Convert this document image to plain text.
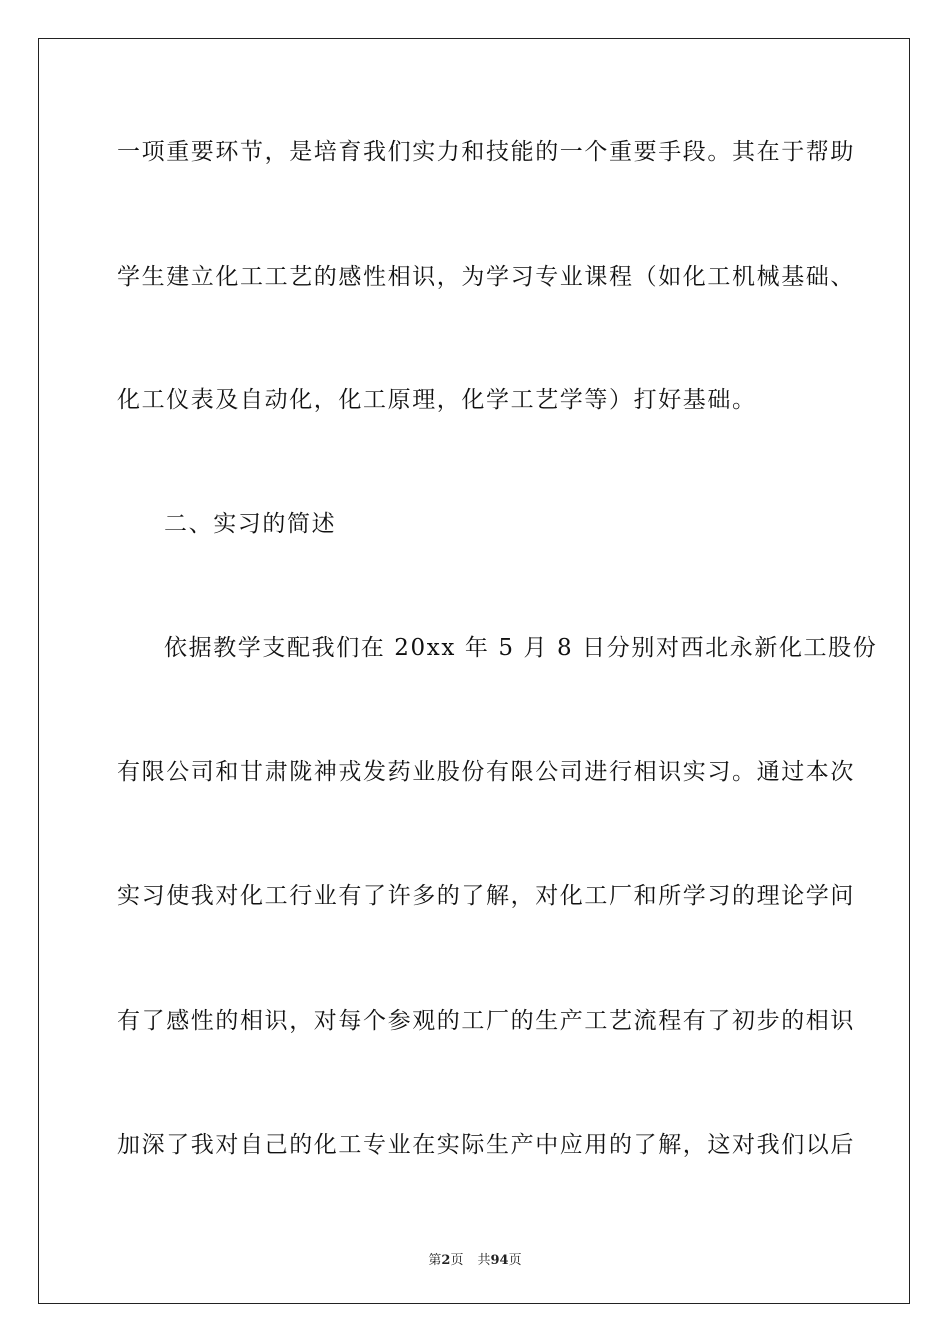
一项重要环节，是培育我们实力和技能的一个重要手段。其在于帮助
学生建立化工工艺的感性相识，为学习专业课程（如化工机械基础、
化工仪表及自动化，化工原理，化学工艺学等）打好基础。
二、实习的简述
依据教学支配我们在 20xx 年 5 月 8 日分别对西北永新化工股份
有限公司和甘肃陇神戎发药业股份有限公司进行相识实习。通过本次
实习使我对化工行业有了许多的了解，对化工厂和所学习的理论学问
有了感性的相识，对每个参观的工厂的生产工艺流程有了初步的相识
加深了我对自己的化工专业在实际生产中应用的了解，这对我们以后
第2页 共94页
